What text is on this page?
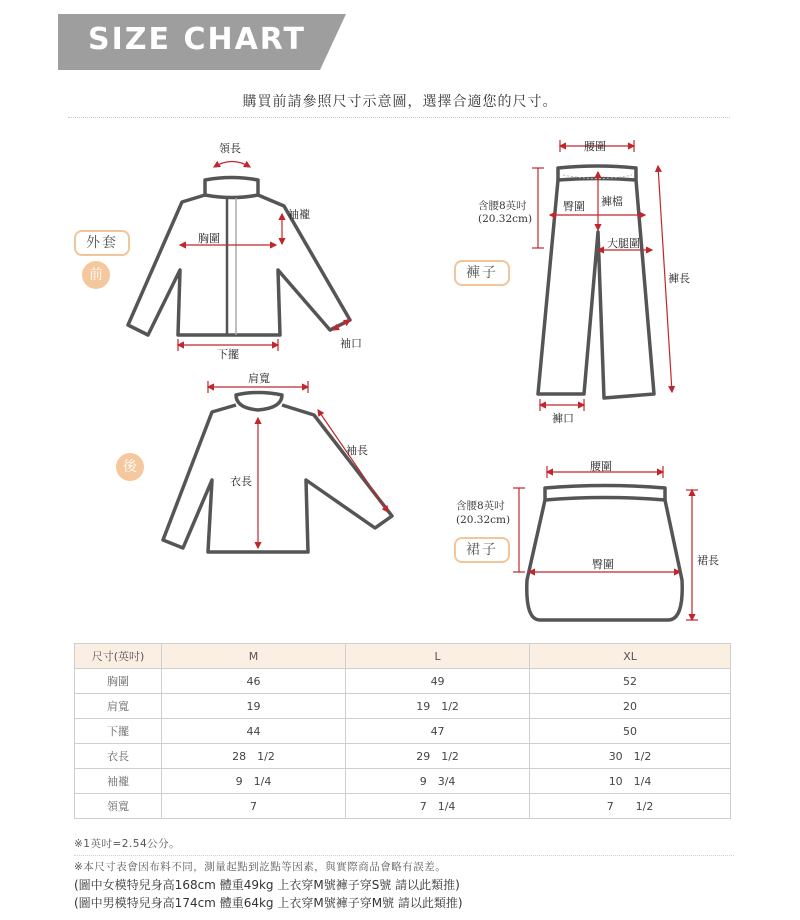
SIZE CHART
購買前請參照尺寸示意圖，選擇合適您的尺寸。
外套
前
後
褲子
裙子
領長
袖襱
胸圍
袖口
下擺
肩寬
袖長
衣長
腰圍
含腰8英吋
(20.32cm)
臀圍 褲檔
大腿圍
褲長
褲口
腰圍
含腰8英吋
(20.32cm)
臀圍	裙長
尺寸(英吋)	M	L	XL
胸圍	46	49	52
肩寬	19	19　1/2	20
下擺	44	47	50
衣長	28　1/2	29　1/2	30　1/2
袖襱	9　1/4	9　3/4	10　1/4
領寬	7	7　1/4	7　　1/2
※1英吋=2.54公分。
※本尺寸表會因布料不同，測量起點到訖點等因素，與實際商品會略有誤差。
(圖中女模特兒身高168cm 體重49kg 上衣穿M號褲子穿S號 請以此類推)
(圖中男模特兒身高174cm 體重64kg 上衣穿M號褲子穿M號 請以此類推)
